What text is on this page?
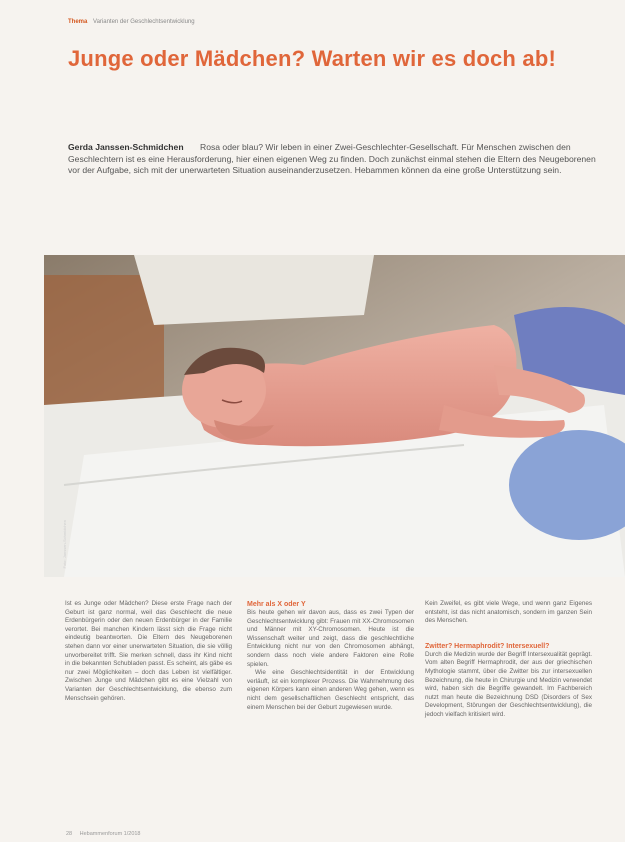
Thema Varianten der Geschlechtsentwicklung
Junge oder Mädchen? Warten wir es doch ab!

Gerda Janssen-Schmidchen Rosa oder blau? Wir leben in einer Zwei-Geschlechter-Gesellschaft. Für Menschen zwischen den Geschlechtern ist es eine Herausforderung, hier einen eigenen Weg zu finden. Doch zunächst einmal stehen die Eltern des Neugeborenen vor der Aufgabe, sich mit der unerwarteten Situation auseinanderzusetzen. Hebammen können da eine große Unterstützung sein.

Foto: Janssen-Schmidchen

Ist es Junge oder Mädchen? Diese erste Frage nach der Geburt ist ganz normal, weil das Geschlecht die neue Erdenbürgerin oder den neuen Erdenbürger in der Familie verortet. Bei manchen Kindern lässt sich die Frage nicht eindeutig beantworten. Die Eltern des Neugeborenen stehen dann vor einer unerwarteten Situation, die sie völlig unvorbereitet trifft. Sie merken schnell, dass ihr Kind nicht in die bekannten Schubladen passt. Es scheint, als gäbe es nur zwei Möglichkeiten – doch das Leben ist vielfältiger. Zwischen Junge und Mädchen gibt es eine Vielzahl von Varianten der Geschlechtsentwicklung, die ebenso zum Menschsein gehören.

Mehr als X oder Y

Bis heute gehen wir davon aus, dass es zwei Typen der Geschlechtsentwicklung gibt: Frauen mit XX-Chromosomen und Männer mit XY-Chromosomen. Heute ist die Wissenschaft weiter und zeigt, dass die geschlechtliche Entwicklung nicht nur von den Chromosomen abhängt, sondern dass noch viele andere Faktoren eine Rolle spielen.

Wie eine Geschlechtsidentität in der Entwicklung verläuft, ist ein komplexer Prozess. Die Wahrnehmung des eigenen Körpers kann einen anderen Weg gehen, wenn es nicht dem gesellschaftlichen Geschlecht entspricht, das einem Menschen bei der Geburt zugewiesen wurde.

Kein Zweifel, es gibt viele Wege, und wenn ganz Eigenes entsteht, ist das nicht anatomisch, sondern im ganzen Sein des Menschen.

Zwitter? Hermaphrodit? Intersexuell?

Durch die Medizin wurde der Begriff Intersexualität geprägt. Vom alten Begriff Hermaphrodit, der aus der griechischen Mythologie stammt, über die Zwitter bis zur intersexuellen Bezeichnung, die heute in Chirurgie und Medizin verwendet wird, haben sich die Begriffe gewandelt. Im Fachbereich nutzt man heute die Bezeichnung DSD (Disorders of Sex Development, Störungen der Geschlechtsentwicklung), die jedoch vielfach kritisiert wird.

28 Hebammenforum 1/2018
